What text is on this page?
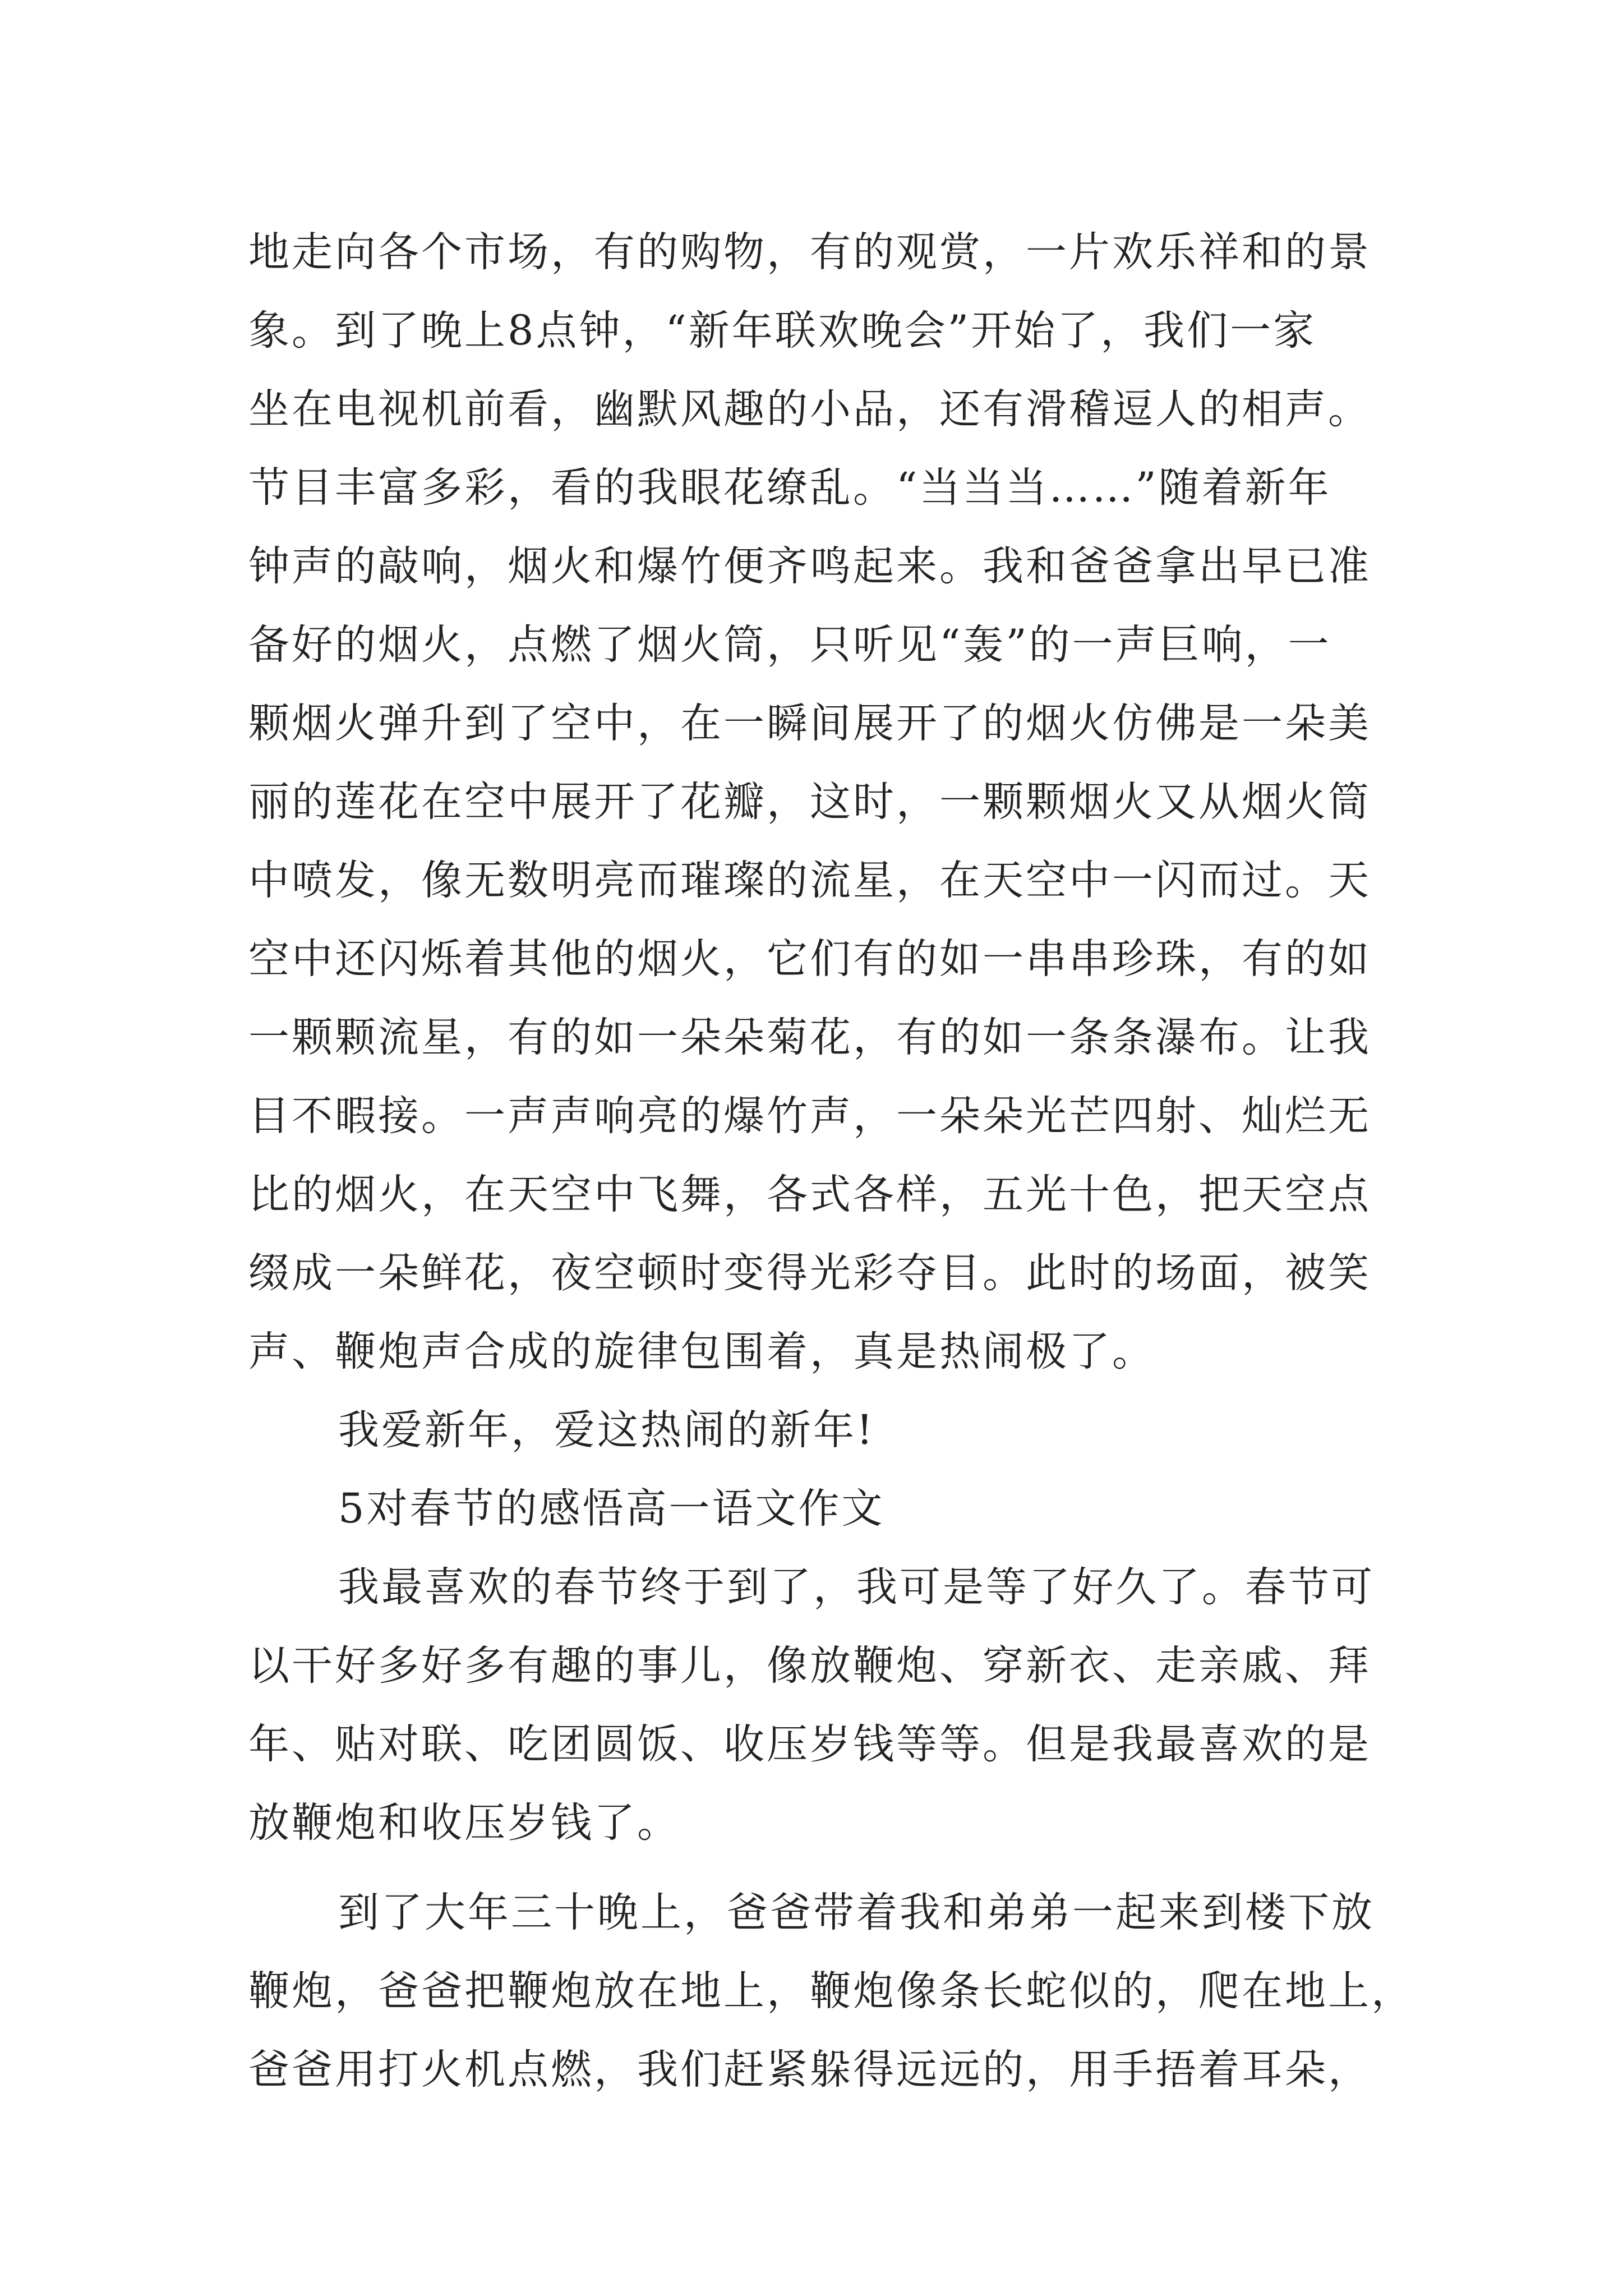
地走向各个市场，有的购物，有的观赏，一片欢乐祥和的景
象。到了晚上8点钟，“新年联欢晚会”开始了，我们一家
坐在电视机前看，幽默风趣的小品，还有滑稽逗人的相声。
节目丰富多彩，看的我眼花缭乱。“当当当……”随着新年
钟声的敲响，烟火和爆竹便齐鸣起来。我和爸爸拿出早已准
备好的烟火，点燃了烟火筒，只听见“轰”的一声巨响，一
颗烟火弹升到了空中，在一瞬间展开了的烟火仿佛是一朵美
丽的莲花在空中展开了花瓣，这时，一颗颗烟火又从烟火筒
中喷发，像无数明亮而璀璨的流星，在天空中一闪而过。天
空中还闪烁着其他的烟火，它们有的如一串串珍珠，有的如
一颗颗流星，有的如一朵朵菊花，有的如一条条瀑布。让我
目不暇接。一声声响亮的爆竹声，一朵朵光芒四射、灿烂无
比的烟火，在天空中飞舞，各式各样，五光十色，把天空点
缀成一朵鲜花，夜空顿时变得光彩夺目。此时的场面，被笑
声、鞭炮声合成的旋律包围着，真是热闹极了。
我爱新年，爱这热闹的新年!
5对春节的感悟高一语文作文
我最喜欢的春节终于到了，我可是等了好久了。春节可
以干好多好多有趣的事儿，像放鞭炮、穿新衣、走亲戚、拜
年、贴对联、吃团圆饭、收压岁钱等等。但是我最喜欢的是
放鞭炮和收压岁钱了。
到了大年三十晚上，爸爸带着我和弟弟一起来到楼下放
鞭炮，爸爸把鞭炮放在地上，鞭炮像条长蛇似的，爬在地上，
爸爸用打火机点燃，我们赶紧躲得远远的，用手捂着耳朵，
